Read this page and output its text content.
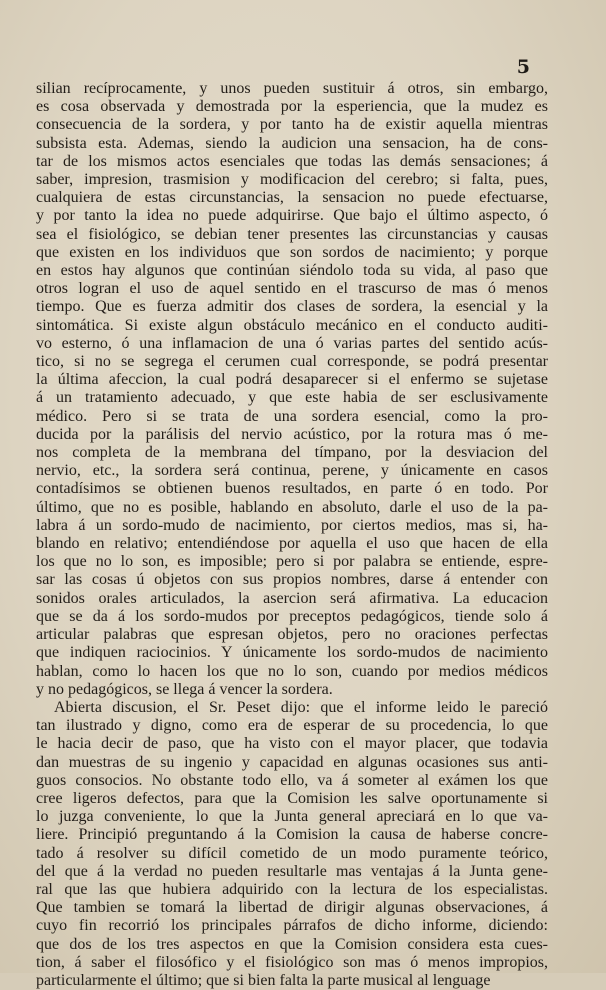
5
silian recíprocamente, y unos pueden sustituir á otros, sin embargo,
es cosa observada y demostrada por la esperiencia, que la mudez es
consecuencia de la sordera, y por tanto ha de existir aquella mientras
subsista esta. Ademas, siendo la audicion una sensacion, ha de cons-
tar de los mismos actos esenciales que todas las demás sensaciones; á
saber, impresion, trasmision y modificacion del cerebro; si falta, pues,
cualquiera de estas circunstancias, la sensacion no puede efectuarse,
y por tanto la idea no puede adquirirse. Que bajo el último aspecto, ó
sea el fisiológico, se debian tener presentes las circunstancias y causas
que existen en los individuos que son sordos de nacimiento; y porque
en estos hay algunos que continúan siéndolo toda su vida, al paso que
otros logran el uso de aquel sentido en el trascurso de mas ó menos
tiempo. Que es fuerza admitir dos clases de sordera, la esencial y la
sintomática. Si existe algun obstáculo mecánico en el conducto auditi-
vo esterno, ó una inflamacion de una ó varias partes del sentido acús-
tico, si no se segrega el cerumen cual corresponde, se podrá presentar
la última afeccion, la cual podrá desaparecer si el enfermo se sujetase
á un tratamiento adecuado, y que este habia de ser esclusivamente
médico. Pero si se trata de una sordera esencial, como la pro-
ducida por la parálisis del nervio acústico, por la rotura mas ó me-
nos completa de la membrana del tímpano, por la desviacion del
nervio, etc., la sordera será continua, perene, y únicamente en casos
contadísimos se obtienen buenos resultados, en parte ó en todo. Por
último, que no es posible, hablando en absoluto, darle el uso de la pa-
labra á un sordo-mudo de nacimiento, por ciertos medios, mas si, ha-
blando en relativo; entendiéndose por aquella el uso que hacen de ella
los que no lo son, es imposible; pero si por palabra se entiende, espre-
sar las cosas ú objetos con sus propios nombres, darse á entender con
sonidos orales articulados, la asercion será afirmativa. La educacion
que se da á los sordo-mudos por preceptos pedagógicos, tiende solo á
articular palabras que espresan objetos, pero no oraciones perfectas
que indiquen raciocinios. Y únicamente los sordo-mudos de nacimiento
hablan, como lo hacen los que no lo son, cuando por medios médicos
y no pedagógicos, se llega á vencer la sordera.
Abierta discusion, el Sr. Peset dijo: que el informe leido le pareció
tan ilustrado y digno, como era de esperar de su procedencia, lo que
le hacia decir de paso, que ha visto con el mayor placer, que todavia
dan muestras de su ingenio y capacidad en algunas ocasiones sus anti-
guos consocios. No obstante todo ello, va á someter al exámen los que
cree ligeros defectos, para que la Comision les salve oportunamente si
lo juzga conveniente, lo que la Junta general apreciará en lo que va-
liere. Principió preguntando á la Comision la causa de haberse concre-
tado á resolver su difícil cometido de un modo puramente teórico,
del que á la verdad no pueden resultarle mas ventajas á la Junta gene-
ral que las que hubiera adquirido con la lectura de los especialistas.
Que tambien se tomará la libertad de dirigir algunas observaciones, á
cuyo fin recorrió los principales párrafos de dicho informe, diciendo:
que dos de los tres aspectos en que la Comision considera esta cues-
tion, á saber el filosófico y el fisiológico son mas ó menos impropios,
particularmente el último; que si bien falta la parte musical al lenguage
